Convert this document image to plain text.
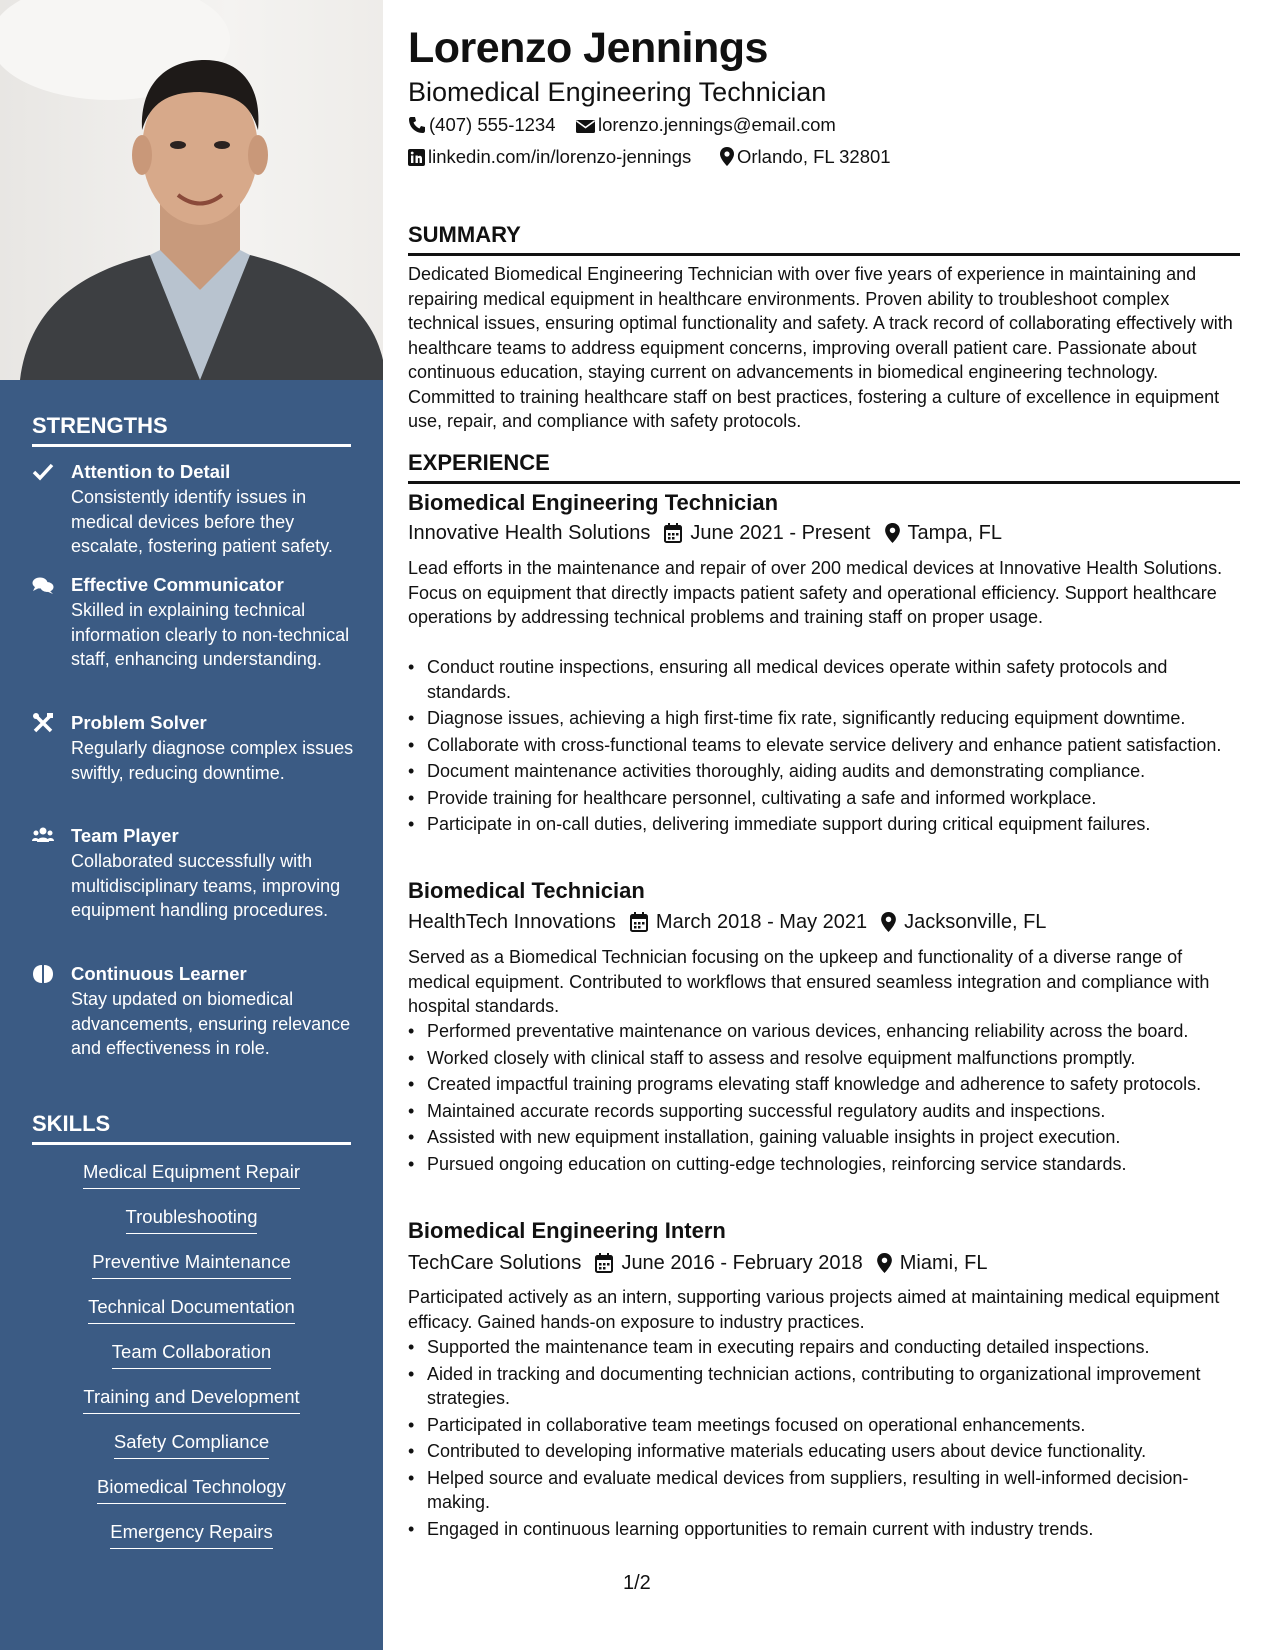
STRENGTHS
Attention to Detail
Consistently identify issues in medical devices before they escalate, fostering patient safety.
Effective Communicator
Skilled in explaining technical information clearly to non-technical staff, enhancing understanding.
Problem Solver
Regularly diagnose complex issues swiftly, reducing downtime.
Team Player
Collaborated successfully with multidisciplinary teams, improving equipment handling procedures.
Continuous Learner
Stay updated on biomedical advancements, ensuring relevance and effectiveness in role.
SKILLS
Medical Equipment Repair
Troubleshooting
Preventive Maintenance
Technical Documentation
Team Collaboration
Training and Development
Safety Compliance
Biomedical Technology
Emergency Repairs
Lorenzo Jennings
Biomedical Engineering Technician
(407) 555-1234	lorenzo.jennings@email.com
linkedin.com/in/lorenzo-jennings	Orlando, FL 32801
SUMMARY
Dedicated Biomedical Engineering Technician with over five years of experience in maintaining and repairing medical equipment in healthcare environments. Proven ability to troubleshoot complex technical issues, ensuring optimal functionality and safety. A track record of collaborating effectively with healthcare teams to address equipment concerns, improving overall patient care. Passionate about continuous education, staying current on advancements in biomedical engineering technology. Committed to training healthcare staff on best practices, fostering a culture of excellence in equipment use, repair, and compliance with safety protocols.
EXPERIENCE
Biomedical Engineering Technician
Innovative Health Solutions June 2021 - Present Tampa, FL
Lead efforts in the maintenance and repair of over 200 medical devices at Innovative Health Solutions. Focus on equipment that directly impacts patient safety and operational efficiency. Support healthcare operations by addressing technical problems and training staff on proper usage.
• Conduct routine inspections, ensuring all medical devices operate within safety protocols and standards.
• Diagnose issues, achieving a high first-time fix rate, significantly reducing equipment downtime.
• Collaborate with cross-functional teams to elevate service delivery and enhance patient satisfaction.
• Document maintenance activities thoroughly, aiding audits and demonstrating compliance.
• Provide training for healthcare personnel, cultivating a safe and informed workplace.
• Participate in on-call duties, delivering immediate support during critical equipment failures.
Biomedical Technician
HealthTech Innovations March 2018 - May 2021 Jacksonville, FL
Served as a Biomedical Technician focusing on the upkeep and functionality of a diverse range of medical equipment. Contributed to workflows that ensured seamless integration and compliance with hospital standards.
• Performed preventative maintenance on various devices, enhancing reliability across the board.
• Worked closely with clinical staff to assess and resolve equipment malfunctions promptly.
• Created impactful training programs elevating staff knowledge and adherence to safety protocols.
• Maintained accurate records supporting successful regulatory audits and inspections.
• Assisted with new equipment installation, gaining valuable insights in project execution.
• Pursued ongoing education on cutting-edge technologies, reinforcing service standards.
Biomedical Engineering Intern
TechCare Solutions June 2016 - February 2018 Miami, FL
Participated actively as an intern, supporting various projects aimed at maintaining medical equipment efficacy. Gained hands-on exposure to industry practices.
• Supported the maintenance team in executing repairs and conducting detailed inspections.
• Aided in tracking and documenting technician actions, contributing to organizational improvement strategies.
• Participated in collaborative team meetings focused on operational enhancements.
• Contributed to developing informative materials educating users about device functionality.
• Helped source and evaluate medical devices from suppliers, resulting in well-informed decision-making.
• Engaged in continuous learning opportunities to remain current with industry trends.
1/2
